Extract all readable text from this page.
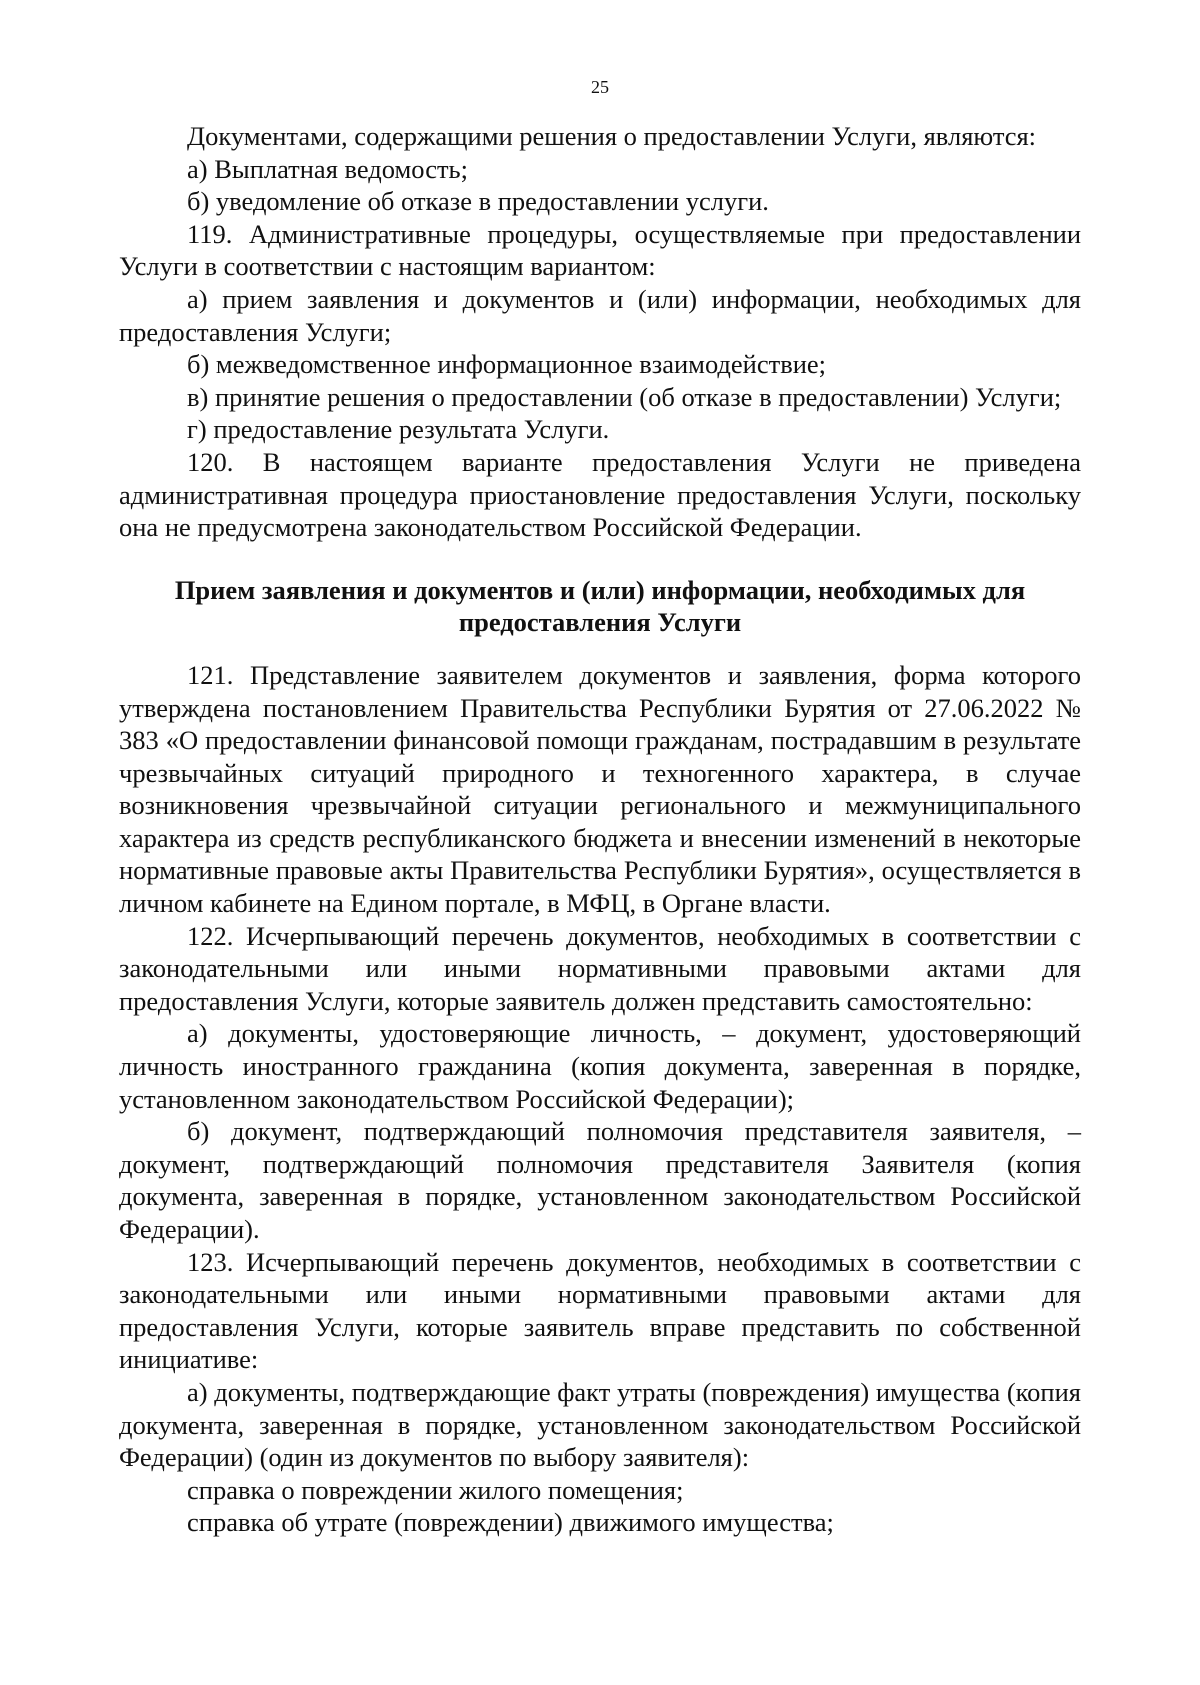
25

Документами, содержащими решения о предоставлении Услуги, являются:

а) Выплатная ведомость;

б) уведомление об отказе в предоставлении услуги.

119. Административные процедуры, осуществляемые при предоставлении Услуги в соответствии с настоящим вариантом:

а) прием заявления и документов и (или) информации, необходимых для предоставления Услуги;

б) межведомственное информационное взаимодействие;

в) принятие решения о предоставлении (об отказе в предоставлении) Услуги;

г) предоставление результата Услуги.

120. В настоящем варианте предоставления Услуги не приведена административная процедура приостановление предоставления Услуги, поскольку она не предусмотрена законодательством Российской Федерации.

Прием заявления и документов и (или) информации, необходимых для
предоставления Услуги

121. Представление заявителем документов и заявления, форма которого утверждена постановлением Правительства Республики Бурятия от 27.06.2022 № 383 «О предоставлении финансовой помощи гражданам, пострадавшим в результате чрезвычайных ситуаций природного и техногенного характера, в случае возникновения чрезвычайной ситуации регионального и межмуниципального характера из средств республиканского бюджета и внесении изменений в некоторые нормативные правовые акты Правительства Республики Бурятия», осуществляется в личном кабинете на Едином портале, в МФЦ, в Органе власти.

122. Исчерпывающий перечень документов, необходимых в соответствии с законодательными или иными нормативными правовыми актами для предоставления Услуги, которые заявитель должен представить самостоятельно:

а) документы, удостоверяющие личность, – документ, удостоверяющий личность иностранного гражданина (копия документа, заверенная в порядке, установленном законодательством Российской Федерации);

б) документ, подтверждающий полномочия представителя заявителя, – документ, подтверждающий полномочия представителя Заявителя (копия документа, заверенная в порядке, установленном законодательством Российской Федерации).

123. Исчерпывающий перечень документов, необходимых в соответствии с законодательными или иными нормативными правовыми актами для предоставления Услуги, которые заявитель вправе представить по собственной инициативе:

а) документы, подтверждающие факт утраты (повреждения) имущества (копия документа, заверенная в порядке, установленном законодательством Российской Федерации) (один из документов по выбору заявителя):

справка о повреждении жилого помещения;

справка об утрате (повреждении) движимого имущества;
